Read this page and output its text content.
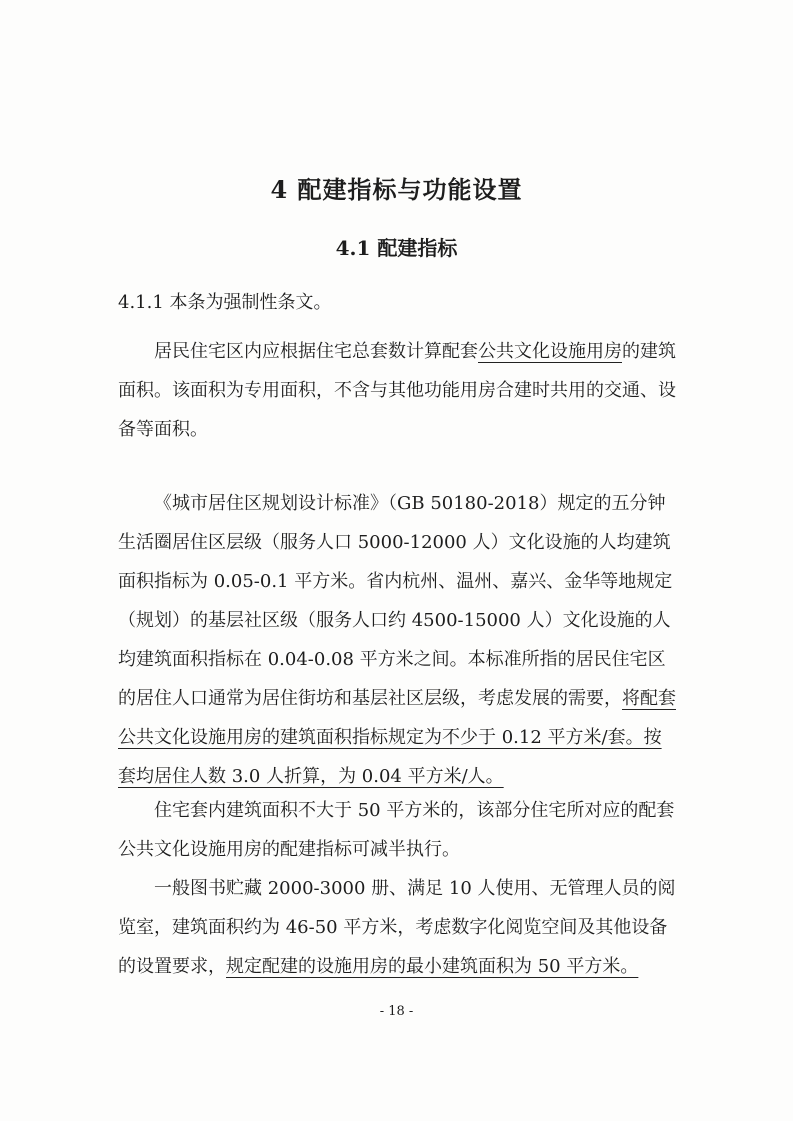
4 配建指标与功能设置
4.1 配建指标
4.1.1 本条为强制性条文。

居民住宅区内应根据住宅总套数计算配套公共文化设施用房的建筑面积。该面积为专用面积，不含与其他功能用房合建时共用的交通、设备等面积。

《城市居住区规划设计标准》（GB 50180-2018）规定的五分钟生活圈居住区层级（服务人口 5000-12000 人）文化设施的人均建筑面积指标为 0.05-0.1 平方米。省内杭州、温州、嘉兴、金华等地规定（规划）的基层社区级（服务人口约 4500-15000 人）文化设施的人均建筑面积指标在 0.04-0.08 平方米之间。本标准所指的居民住宅区的居住人口通常为居住街坊和基层社区层级，考虑发展的需要，将配套公共文化设施用房的建筑面积指标规定为不少于 0.12 平方米/套。按套均居住人数 3.0 人折算，为 0.04 平方米/人。

住宅套内建筑面积不大于 50 平方米的，该部分住宅所对应的配套公共文化设施用房的配建指标可减半执行。

一般图书贮藏 2000-3000 册、满足 10 人使用、无管理人员的阅览室，建筑面积约为 46-50 平方米，考虑数字化阅览空间及其他设备的设置要求，规定配建的设施用房的最小建筑面积为 50 平方米。

- 18 -
